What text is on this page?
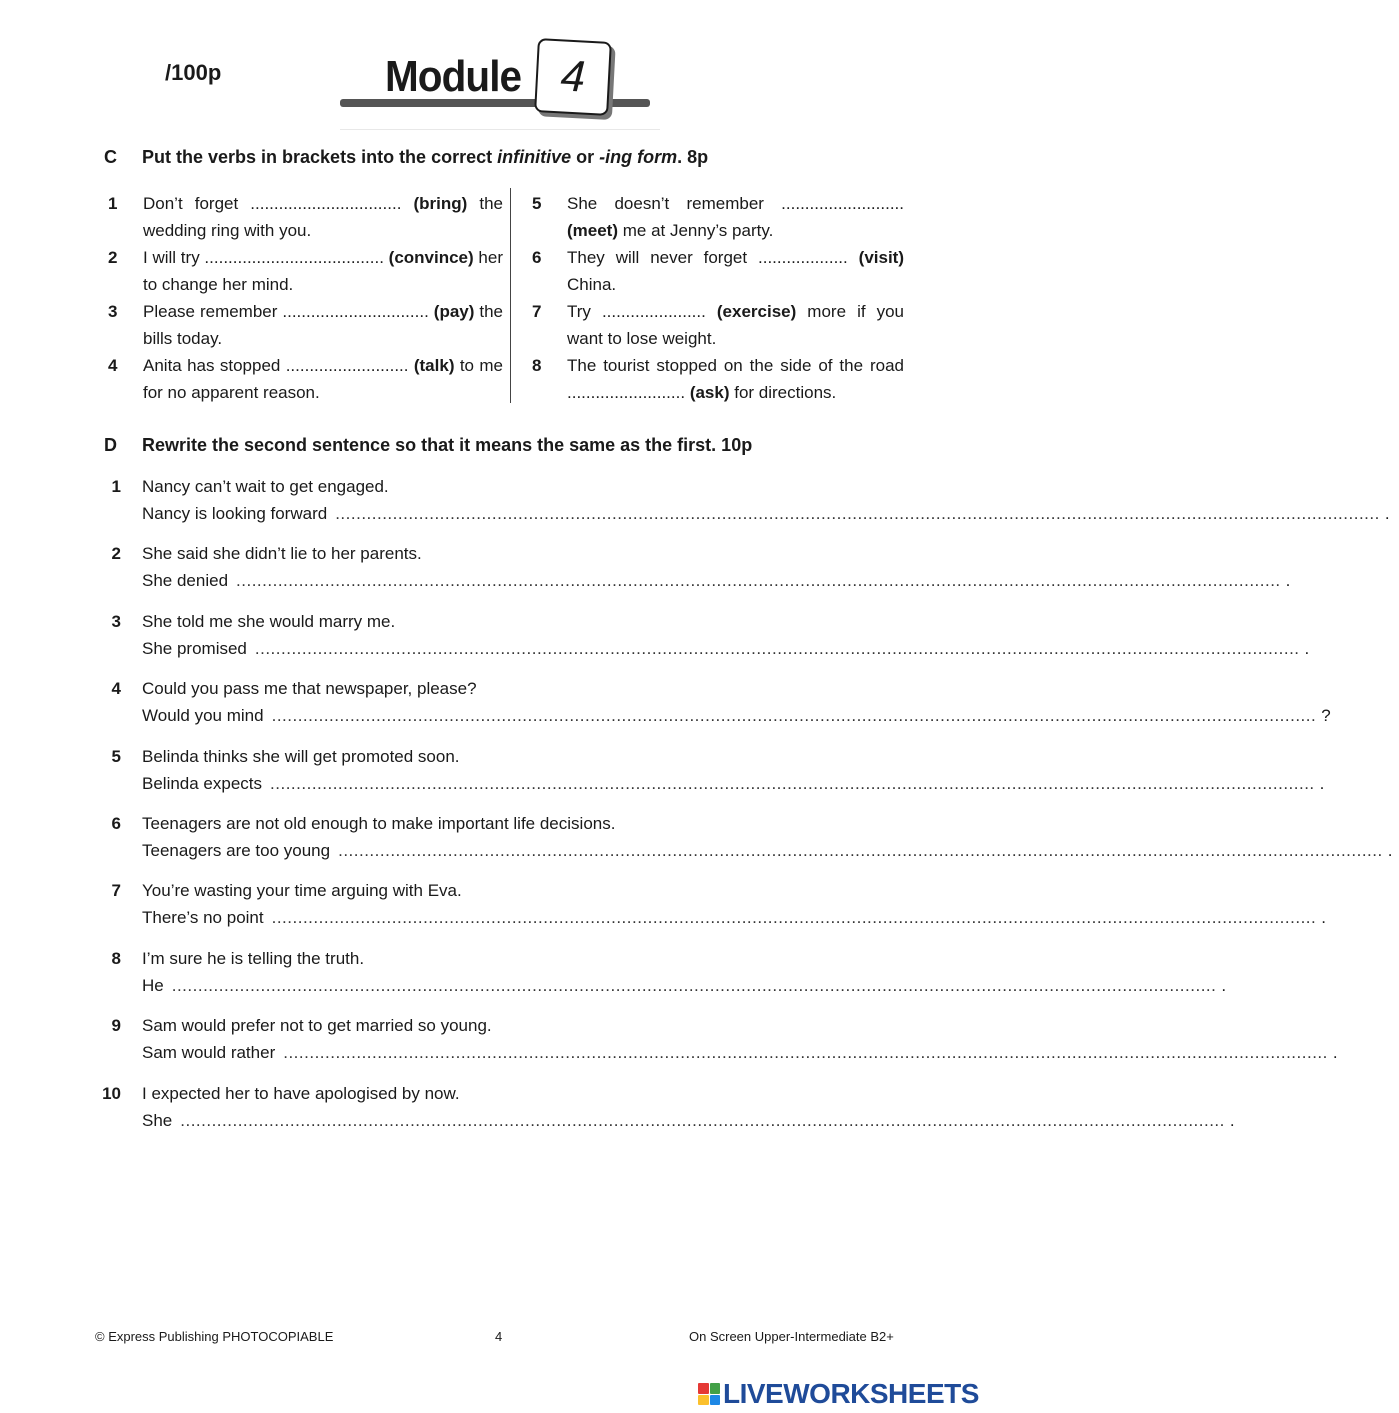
/100p	Module 4
C Put the verbs in brackets into the correct infinitive or -ing form. 8p
1	Don’t forget ................................ (bring) the wedding ring with you.
2	I will try ...................................... (convince) her to change her mind.
3	Please remember ............................... (pay) the bills today.
4	Anita has stopped .......................... (talk) to me for no apparent reason.
5	She doesn’t remember .......................... (meet) me at Jenny’s party.
6	They will never forget ................... (visit) China.
7	Try ...................... (exercise) more if you want to lose weight.
8	The tourist stopped on the side of the road ......................... (ask) for directions.
D Rewrite the second sentence so that it means the same as the first. 10p
1 Nancy can’t wait to get engaged.
Nancy is looking forward ........................................................................................................................................................................................................ .
2 She said she didn’t lie to her parents.
She denied ........................................................................................................................................................................................................ .
3 She told me she would marry me.
She promised ........................................................................................................................................................................................................ .
4 Could you pass me that newspaper, please?
Would you mind ........................................................................................................................................................................................................ ?
5 Belinda thinks she will get promoted soon.
Belinda expects ........................................................................................................................................................................................................ .
6 Teenagers are not old enough to make important life decisions.
Teenagers are too young ........................................................................................................................................................................................................ .
7 You’re wasting your time arguing with Eva.
There’s no point ........................................................................................................................................................................................................ .
8 I’m sure he is telling the truth.
He ........................................................................................................................................................................................................ .
9 Sam would prefer not to get married so young.
Sam would rather ........................................................................................................................................................................................................ .
10 I expected her to have apologised by now.
She ........................................................................................................................................................................................................ .
© Express Publishing PHOTOCOPIABLE	4	On Screen Upper-Intermediate B2+
LIVEWORKSHEETS
